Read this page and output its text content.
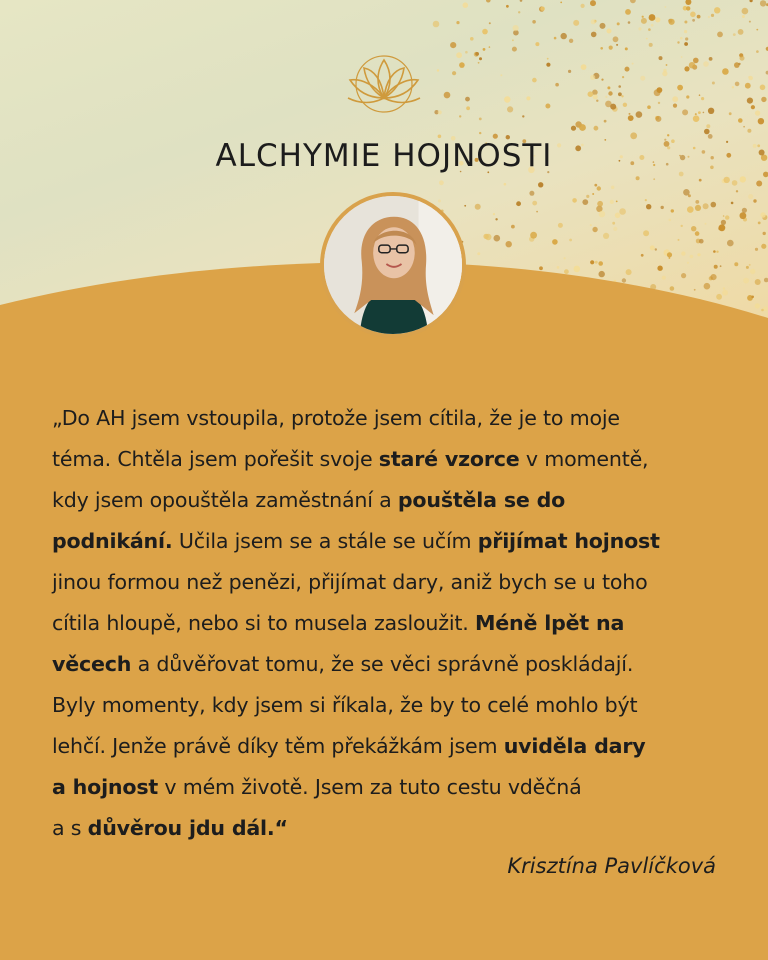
ALCHYMIE HOJNOSTI
„Do AH jsem vstoupila, protože jsem cítila, že je to moje
téma. Chtěla jsem pořešit svoje staré vzorce v momentě,
kdy jsem opouštěla zaměstnání a pouštěla se do
podnikání. Učila jsem se a stále se učím přijímat hojnost
jinou formou než penězi, přijímat dary, aniž bych se u toho
cítila hloupě, nebo si to musela zasloužit. Méně lpět na
věcech a důvěřovat tomu, že se věci správně poskládají.
Byly momenty, kdy jsem si říkala, že by to celé mohlo být
lehčí. Jenže právě díky těm překážkám jsem uviděla dary
a hojnost v mém životě. Jsem za tuto cestu vděčná
a s důvěrou jdu dál.“
Krisztína Pavlíčková
